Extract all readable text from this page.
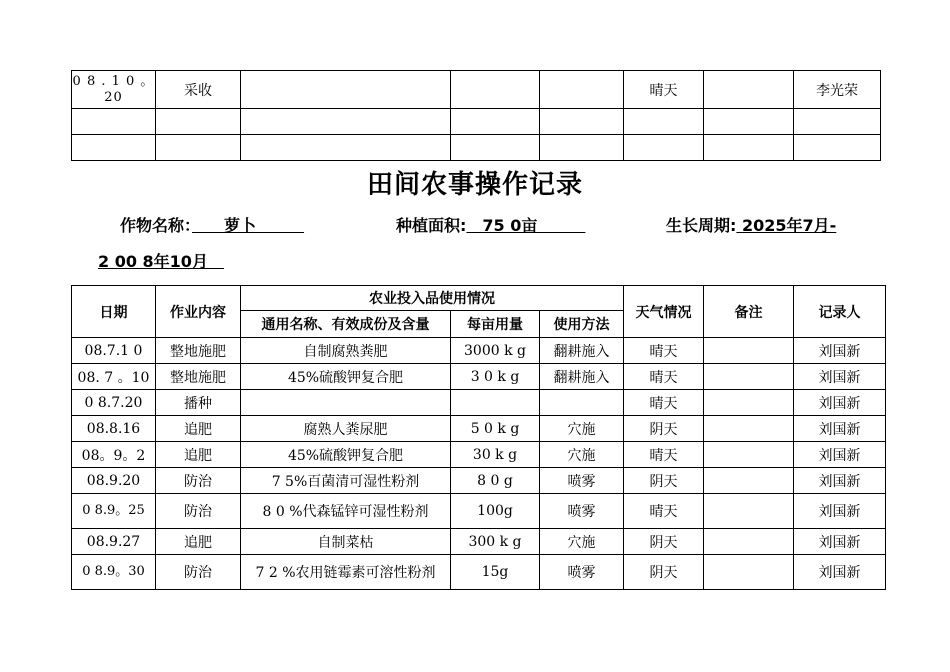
0 8 . 1 0 。20	采收				晴天		李光荣

田间农事操作记录
作物名称：　　萝卜　　　	种植面积:　75 0亩　　　	生长周期: 2025年7月-
2 00 8年10月　
日期	作业内容	农业投入品使用情况			天气情况	备注	记录人
		通用名称、有效成份及含量	每亩用量	使用方法			
08.7.1 0	整地施肥	自制腐熟粪肥	3000 k g	翻耕施入	晴天		刘国新
08. 7 。10	整地施肥	45%硫酸钾复合肥	3 0 k g	翻耕施入	晴天		刘国新
0 8.7.20	播种				晴天		刘国新
08.8.16	追肥	腐熟人粪尿肥	5 0 k g	穴施	阴天		刘国新
08。9。2	追肥	45%硫酸钾复合肥	30 k g	穴施	晴天		刘国新
08.9.20	防治	7 5%百菌清可湿性粉剂	8 0 g	喷雾	阴天		刘国新
0 8.9。25	防治	8 0 %代森锰锌可湿性粉剂	100g	喷雾	晴天		刘国新
08.9.27	追肥	自制菜枯	300 k g	穴施	阴天		刘国新
0 8.9。30	防治	7 2 %农用链霉素可溶性粉剂	15g	喷雾	阴天		刘国新
